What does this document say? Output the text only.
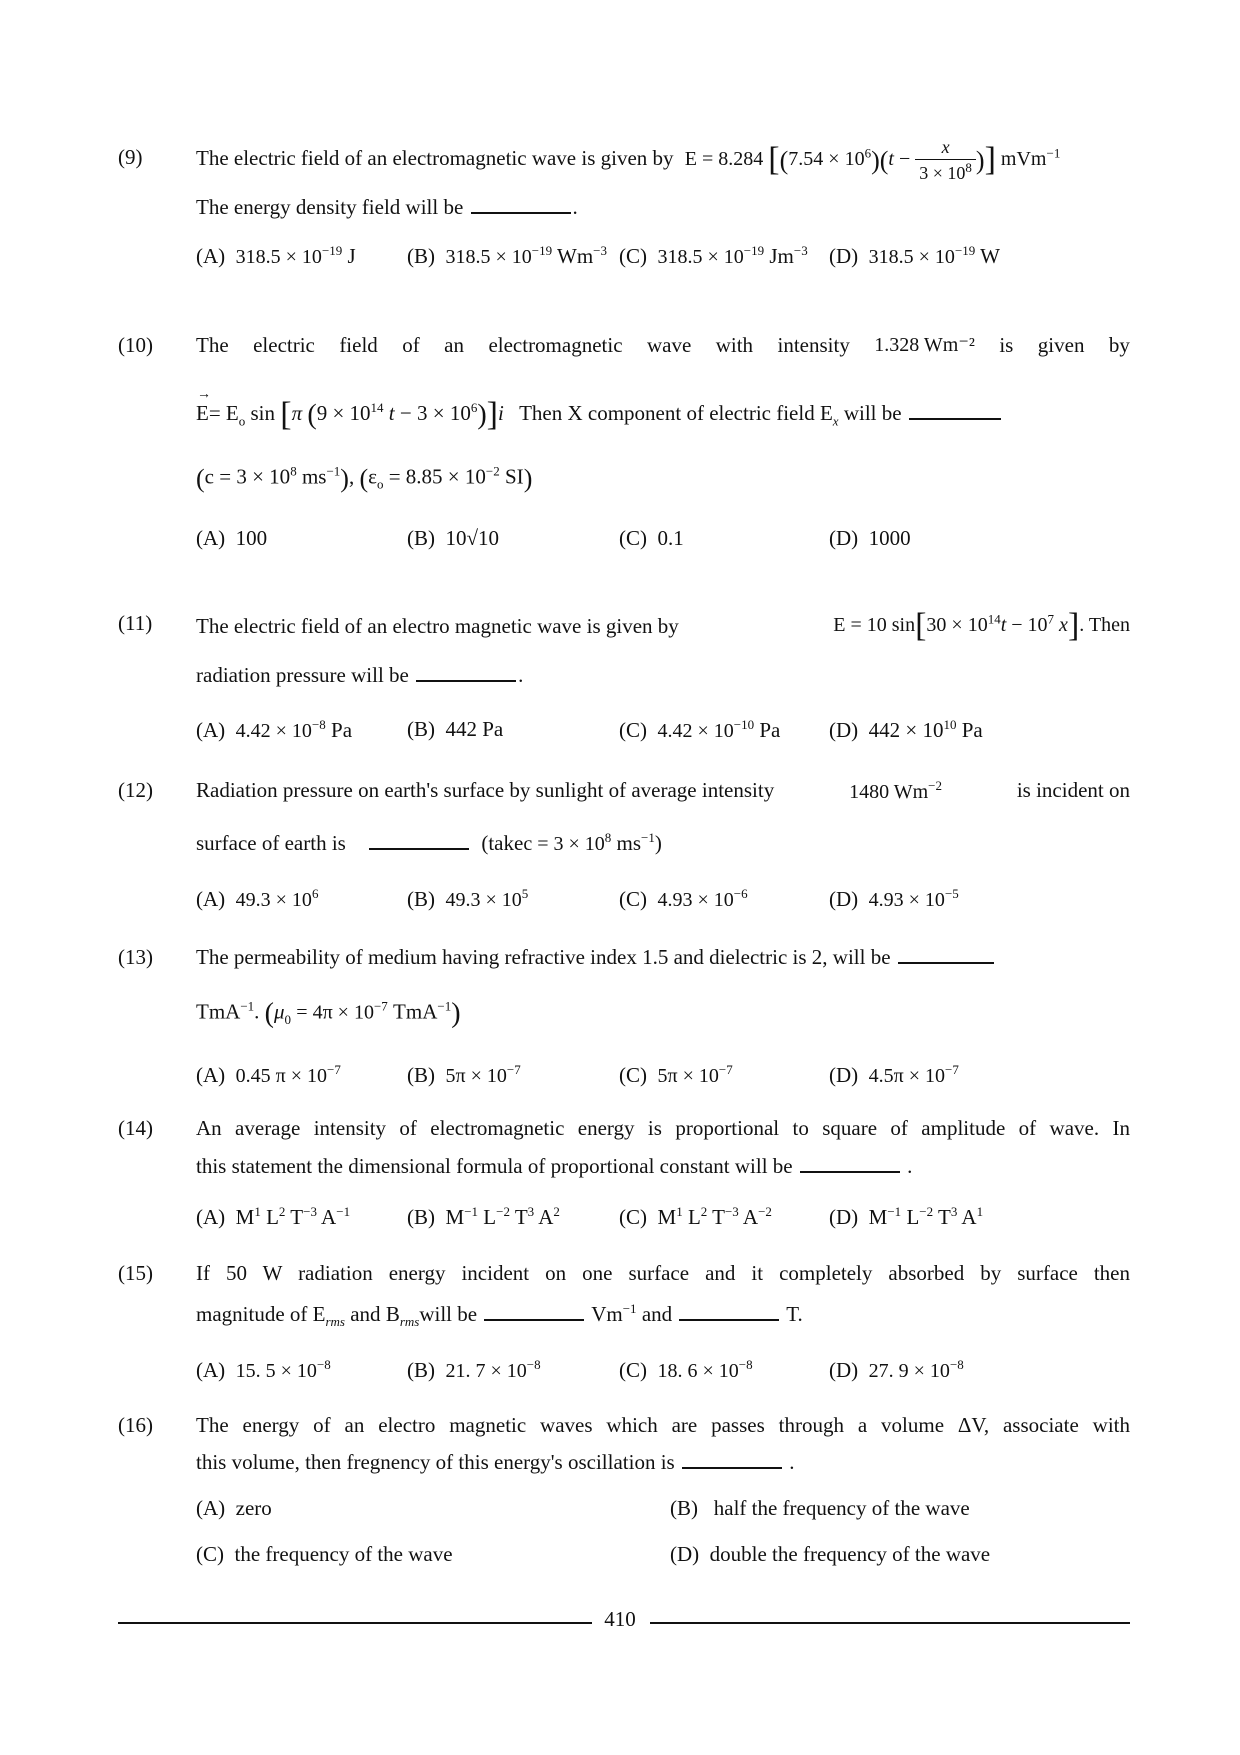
(9)	The electric field of an electromagnetic wave is given by E = 8.284 [$(7.54 \times 10^6)(t - \frac{x}{3 \times 10^8}$ )] mVm$^{-1}$
The energy density field will be	.
(A) $318.5 \times 10^{-19}$ J (B) $318.5 \times 10^{-19}$ $Wm^{-3}$ (C) $318.5 \times 10^{-19}$ $Jm^{-3}$ (D) $318.5 \times 10^{-19}$ W
(10) The electric field of an electromagnetic wave with intensity 1.328 Wm⁻² is given by
→ $E= E_o$ sin [π ($9 \times 10^{14}$ $t - 3 \times 10^6)]i$ Then X component of electric field $E_x$ will be
($c = 3 \times 10^8$ $ms^{-1}$), ($\varepsilon_o = 8.85 \times 10^{-2}$ SI)
(A) 100	(B) 10√10	(C) 0.1	(D) 1000
(11) The electric field of an electro magnetic wave is given by	E = 10 $\sin[30 \times 10^{14}t - 10^7$ x]. Then
radiation pressure will be	.
(A) $4.42 \times 10^{-8}$ Pa	(B) 442 Pa	(C) $4.42 \times 10^{-10}$ Pa (D) $442 \times 10^{10}$ Pa
(12) Radiation pressure on earth's surface by sunlight of average intensity	1480 $Wm^{-2}$	is incident on
surface of earth is	(takec = $3 \times 10^8$ $ms^{-1}$)
(A) $49.3 \times 10^6$	(B) $49.3 \times 10^5$	(C) $4.93 \times 10^{-6}$	(D) $4.93 \times 10^{-5}$
(13) The permeability of medium having refractive index 1.5 and dielectric is 2, will be
TmA$^{-1}$. ($\mu_0 = 4\pi \times 10^{-7}$ TmA$^{-1}$)
(A) 0.45 $\pi \times 10^{-7}$	(B) $5\pi \times 10^{-7}$	(C) $5\pi \times 10^{-7}$	(D) $4.5\pi \times 10^{-7}$
(14) An average intensity of electromagnetic energy is proportional to square of amplitude of wave. In
this statement the dimensional formula of proportional constant will be	.
(A)  $M^1$ $L^2$ $T^{-3}$ $A^{-1}$	(B)  $M^{-1}$ $L^{-2}$ $T^3$ $A^2$	(C)  $M^1$ $L^2$ $T^{-3}$ $A^{-2}$	(D)  $M^{-1}$ $L^{-2}$ $T^3$ $A^1$
(15) If 50 W radiation energy incident on one surface and it completely absorbed by surface then
magnitude of $E_{rms}$ and $B_{rms}will$ be	$Vm^{-1}$ and	T.
(A) 15. $5 \times 10^{-8}$	(B) 21. $7 \times 10^{-8}$	(C) 18. $6 \times 10^{-8}$	(D) 27. $9 \times 10^{-8}$
(16) The energy of an electro magnetic waves which are passes through a volume ΔV, associate with
this volume, then fregnency of this energy's oscillation is	.
(A) zero	(B) half the frequency of the wave
(C) the frequency of the wave	(D) double the frequency of the wave
410
